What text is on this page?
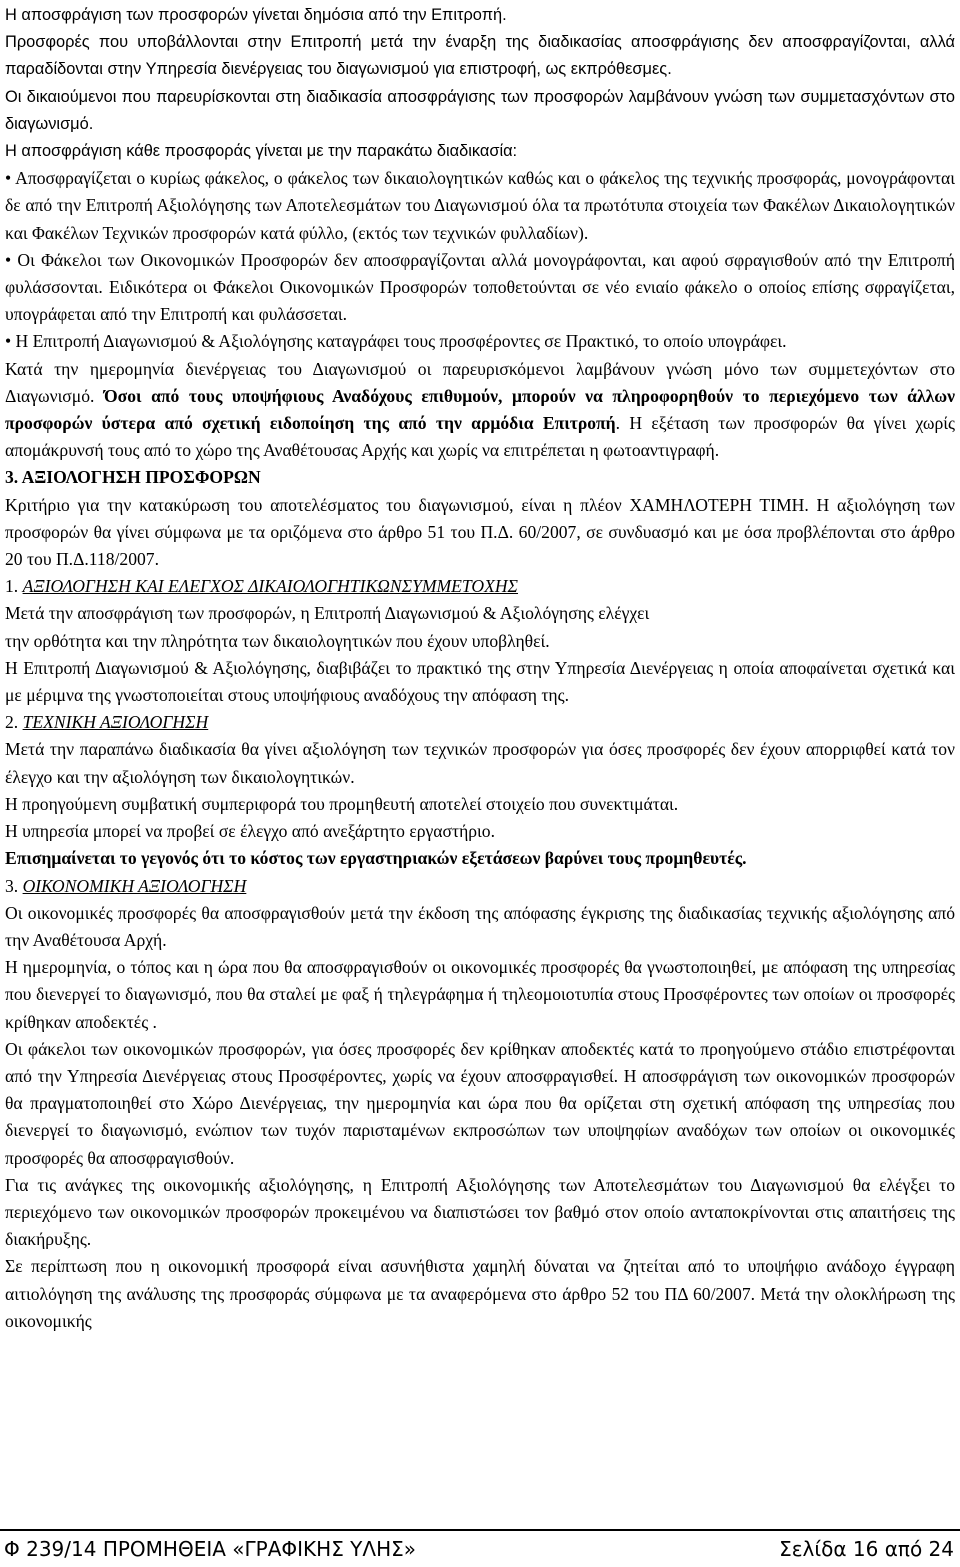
Η αποσφράγιση των προσφορών γίνεται δημόσια από την Επιτροπή.

Προσφορές που υποβάλλονται στην Επιτροπή μετά την έναρξη της διαδικασίας αποσφράγισης δεν αποσφραγίζονται, αλλά παραδίδονται στην Υπηρεσία διενέργειας του διαγωνισμού για επιστροφή, ως εκπρόθεσμες.

Οι δικαιούμενοι που παρευρίσκονται στη διαδικασία αποσφράγισης των προσφορών λαμβάνουν γνώση των συμμετασχόντων στο διαγωνισμό.

Η αποσφράγιση κάθε προσφοράς γίνεται με την παρακάτω διαδικασία:

• Αποσφραγίζεται ο κυρίως φάκελος, ο φάκελος των δικαιολογητικών καθώς και ο φάκελος της τεχνικής προσφοράς, μονογράφονται δε από την Επιτροπή Αξιολόγησης των Αποτελεσμάτων του Διαγωνισμού όλα τα πρωτότυπα στοιχεία των Φακέλων Δικαιολογητικών και Φακέλων Τεχνικών προσφορών κατά φύλλο, (εκτός των τεχνικών φυλλαδίων).

• Οι Φάκελοι των Οικονομικών Προσφορών δεν αποσφραγίζονται αλλά μονογράφονται, και αφού σφραγισθούν από την Επιτροπή φυλάσσονται. Ειδικότερα οι Φάκελοι Οικονομικών Προσφορών τοποθετούνται σε νέο ενιαίο φάκελο ο οποίος επίσης σφραγίζεται, υπογράφεται από την Επιτροπή και φυλάσσεται.

• Η Επιτροπή Διαγωνισμού & Αξιολόγησης καταγράφει τους προσφέροντες σε Πρακτικό, το οποίο υπογράφει.

Κατά την ημερομηνία διενέργειας του Διαγωνισμού οι παρευρισκόμενοι λαμβάνουν γνώση μόνο των συμμετεχόντων στο Διαγωνισμό. Όσοι από τους υποψήφιους Αναδόχους επιθυμούν, μπορούν να πληροφορηθούν το περιεχόμενο των άλλων προσφορών ύστερα από σχετική ειδοποίηση της από την αρμόδια Επιτροπή. Η εξέταση των προσφορών θα γίνει χωρίς απομάκρυνσή τους από το χώρο της Αναθέτουσας Αρχής και χωρίς να επιτρέπεται η φωτοαντιγραφή.

3. ΑΞΙΟΛΟΓΗΣΗ ΠΡΟΣΦΟΡΩΝ

Κριτήριο για την κατακύρωση του αποτελέσματος του διαγωνισμού, είναι η πλέον ΧΑΜΗΛΟΤΕΡΗ ΤΙΜΗ. Η αξιολόγηση των προσφορών θα γίνει σύμφωνα με τα οριζόμενα στο άρθρο 51 του Π.Δ. 60/2007, σε συνδυασμό και με όσα προβλέπονται στο άρθρο 20 του Π.Δ.118/2007.

1. ΑΞΙΟΛΟΓΗΣΗ ΚΑΙ ΕΛΕΓΧΟΣ ΔΙΚΑΙΟΛΟΓΗΤΙΚΩΝΣΥΜΜΕΤΟΧΗΣ

Μετά την αποσφράγιση των προσφορών, η Επιτροπή Διαγωνισμού & Αξιολόγησης ελέγχει

την ορθότητα και την πληρότητα των δικαιολογητικών που έχουν υποβληθεί.

Η Επιτροπή Διαγωνισμού & Αξιολόγησης, διαβιβάζει το πρακτικό της στην Υπηρεσία Διενέργειας η οποία αποφαίνεται σχετικά και με μέριμνα της γνωστοποιείται στους υποψήφιους αναδόχους την απόφαση της.

2. ΤΕΧΝΙΚΗ ΑΞΙΟΛΟΓΗΣΗ

Μετά την παραπάνω διαδικασία θα γίνει αξιολόγηση των τεχνικών προσφορών για όσες προσφορές δεν έχουν απορριφθεί κατά τον έλεγχο και την αξιολόγηση των δικαιολογητικών.

Η προηγούμενη συμβατική συμπεριφορά του προμηθευτή αποτελεί στοιχείο που συνεκτιμάται.

Η υπηρεσία μπορεί να προβεί σε έλεγχο από ανεξάρτητο εργαστήριο.

Επισημαίνεται το γεγονός ότι το κόστος των εργαστηριακών εξετάσεων βαρύνει τους προμηθευτές.

3. ΟΙΚΟΝΟΜΙΚΗ ΑΞΙΟΛΟΓΗΣΗ

Οι οικονομικές προσφορές θα αποσφραγισθούν μετά την έκδοση της απόφασης έγκρισης της διαδικασίας τεχνικής αξιολόγησης από την Αναθέτουσα Αρχή.

Η ημερομηνία, ο τόπος και η ώρα που θα αποσφραγισθούν οι οικονομικές προσφορές θα γνωστοποιηθεί, με απόφαση της υπηρεσίας που διενεργεί το διαγωνισμό, που θα σταλεί με φαξ ή τηλεγράφημα ή τηλεομοιοτυπία στους Προσφέροντες των οποίων οι προσφορές κρίθηκαν αποδεκτές .

Οι φάκελοι των οικονομικών προσφορών, για όσες προσφορές δεν κρίθηκαν αποδεκτές κατά το προηγούμενο στάδιο επιστρέφονται από την Υπηρεσία Διενέργειας στους Προσφέροντες, χωρίς να έχουν αποσφραγισθεί. Η αποσφράγιση των οικονομικών προσφορών θα πραγματοποιηθεί στο Χώρο Διενέργειας, την ημερομηνία και ώρα που θα ορίζεται στη σχετική απόφαση της υπηρεσίας που διενεργεί το διαγωνισμό, ενώπιον των τυχόν παρισταμένων εκπροσώπων των υποψηφίων αναδόχων των οποίων οι οικονομικές προσφορές θα αποσφραγισθούν.

Για τις ανάγκες της οικονομικής αξιολόγησης, η Επιτροπή Αξιολόγησης των Αποτελεσμάτων του Διαγωνισμού θα ελέγξει το περιεχόμενο των οικονομικών προσφορών προκειμένου να διαπιστώσει τον βαθμό στον οποίο ανταποκρίνονται στις απαιτήσεις της διακήρυξης.

Σε περίπτωση που η οικονομική προσφορά είναι ασυνήθιστα χαμηλή δύναται να ζητείται από το υποψήφιο ανάδοχο έγγραφη αιτιολόγηση της ανάλυσης της προσφοράς σύμφωνα με τα αναφερόμενα στο άρθρο 52 του ΠΔ 60/2007. Μετά την ολοκλήρωση της οικονομικής

Φ 239/14 ΠΡΟΜΗΘΕΙΑ «ΓΡΑΦΙΚΗΣ ΥΛΗΣ»	Σελίδα 16 από 24
